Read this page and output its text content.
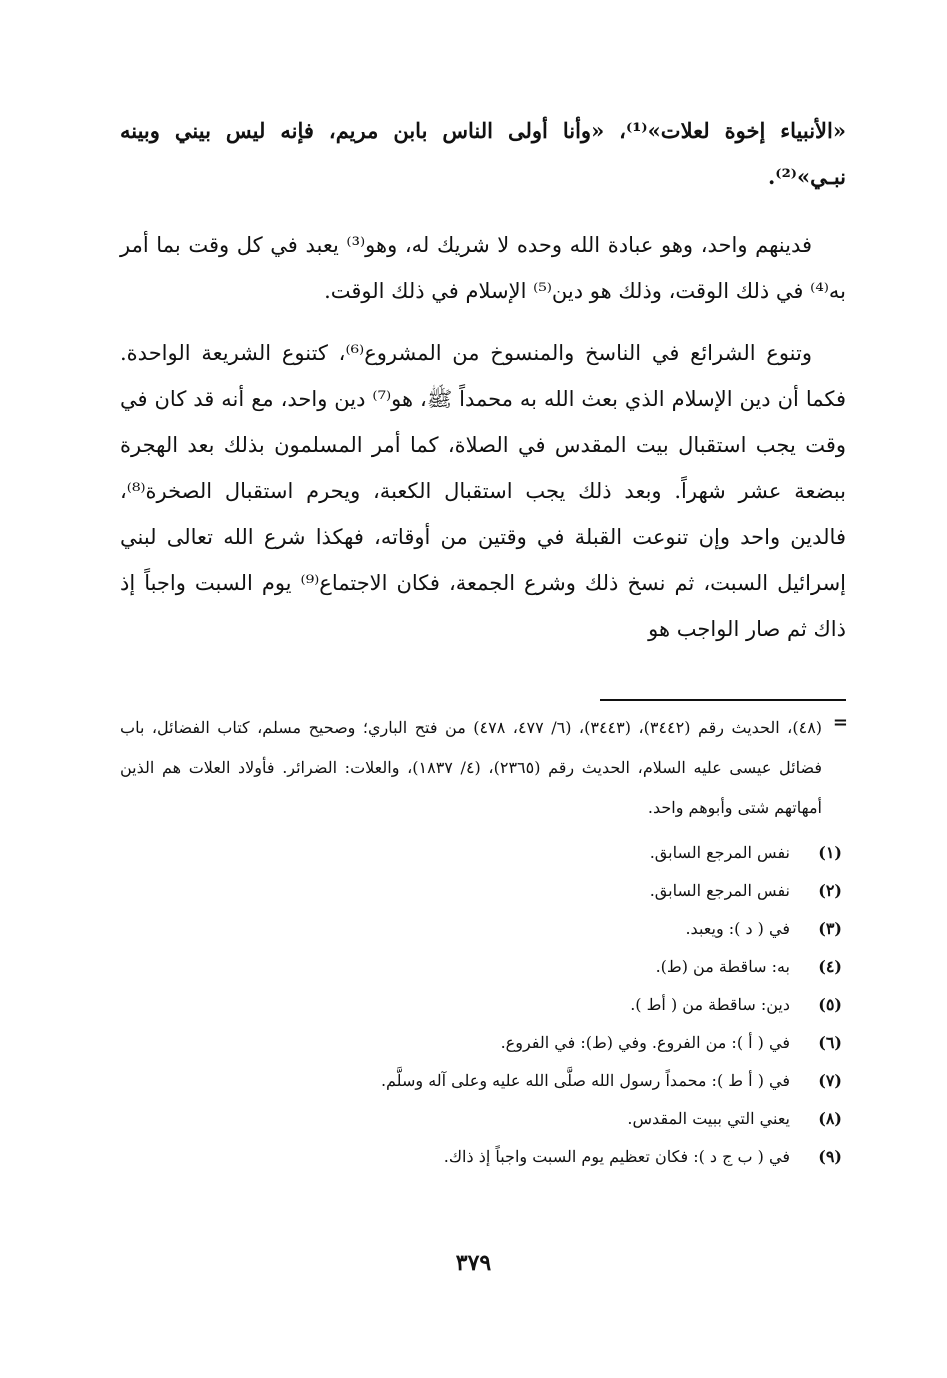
«الأنبياء إخوة لعلات»⁽¹⁾، «وأنا أولى الناس بابن مريم، فإنه ليس بيني وبينه نبـي»⁽²⁾.

فدينهم واحد، وهو عبادة الله وحده لا شريك له، وهو⁽³⁾ يعبد في كل وقت بما أمر به⁽⁴⁾ في ذلك الوقت، وذلك هو دين⁽⁵⁾ الإسلام في ذلك الوقت.

وتنوع الشرائع في الناسخ والمنسوخ من المشروع⁽⁶⁾، كتنوع الشريعة الواحدة. فكما أن دين الإسلام الذي بعث الله به محمداً ﷺ، هو⁽⁷⁾ دين واحد، مع أنه قد كان في وقت يجب استقبال بيت المقدس في الصلاة، كما أمر المسلمون بذلك بعد الهجرة ببضعة عشر شهراً. وبعد ذلك يجب استقبال الكعبة، ويحرم استقبال الصخرة⁽⁸⁾، فالدين واحد وإن تنوعت القبلة في وقتين من أوقاته، فهكذا شرع الله تعالى لبني إسرائيل السبت، ثم نسخ ذلك وشرع الجمعة، فكان الاجتماع⁽⁹⁾ يوم السبت واجباً إذ ذاك ثم صار الواجب هو

=
(٤٨)، الحديث رقم (٣٤٤٢)، (٣٤٤٣)، (٦/ ٤٧٧، ٤٧٨) من فتح الباري؛ وصحيح مسلم، كتاب الفضائل، باب فضائل عيسى عليه السلام، الحديث رقم (٢٣٦٥)، (٤/ ١٨٣٧)، والعلات: الضرائر. فأولاد العلات هم الذين أمهاتهم شتى وأبوهم واحد.
(١)
نفس المرجع السابق.
(٢)
نفس المرجع السابق.
(٣)
في ( د ): ويعبد.
(٤)
به: ساقطة من (ط).
(٥)
دين: ساقطة من ( أط ).
(٦)
في ( أ ): من الفروع. وفي (ط): في الفروع.
(٧)
في ( أ ط ): محمداً رسول الله صلَّى الله عليه وعلى آله وسلَّم.
(٨)
يعني التي ببيت المقدس.
(٩)
في ( ب ج د ): فكان تعظيم يوم السبت واجباً إذ ذاك.
٣٧٩
